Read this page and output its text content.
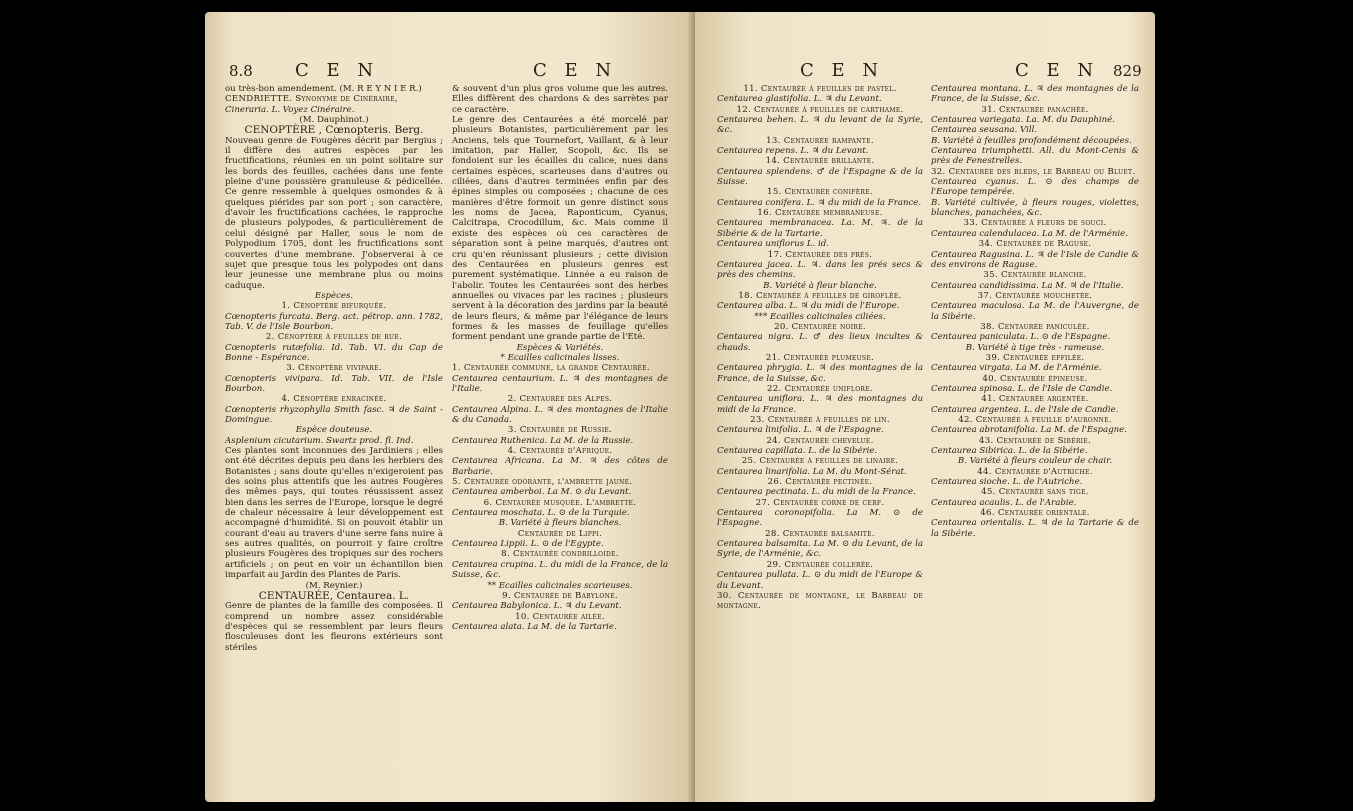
8.8 C E N	C E N

ou très-bon amendement. (M. R E Y N I E R.)

CENDRIETTE. Synonyme de Cinéraire,

Cineraria. L. Voyez Cinéraire.

(M. Dauphinot.)

CENOPTÈRE , Cœnopteris. Berg.

Nouveau genre de Fougères décrit par Bergius ; il diffère des autres espèces par les fructifications, réunies en un point solitaire sur les bords des feuilles, cachées dans une fente pleine d'une poussière granuleuse & pédicellée. Ce genre ressemble à quelques osmondes & à quelques piérides par son port ; son caractère, d'avoir les fructifications cachées, le rapproche de plusieurs polypodes, & particulièrement de celui désigné par Haller, sous le nom de Polypodium 1705, dont les fructifications sont couvertes d'une membrane. J'observerai à ce sujet que presque tous les polypodes ont dans leur jeunesse une membrane plus ou moins caduque.

Espèces.

1. Cénoptère bifurquée.

Cœnopteris furcata. Berg. act. pétrop. ann. 1782, Tab. V. de l'Isle Bourbon.

2. Cénoptère à feuilles de rue.

Cœnopteris rutæfolia. Id. Tab. VI. du Cap de Bonne - Espérance.

3. Cénoptère vivipare.

Cœnopteris vivipara. Id. Tab. VII. de l'Isle Bourbon.

4. Cénoptère enracinée.

Cœnopteris rhyzophylla Smith fasc. ♃ de Saint - Domingue.

Espèce douteuse.

Asplenium cicutarium. Swartz prod. fl. Ind.

Ces plantes sont inconnues des Jardiniers ; elles ont été décrites depuis peu dans les herbiers des Botanistes ; sans doute qu'elles n'exigeroient pas des soins plus attentifs que les autres Fougères des mêmes pays, qui toutes réussissent assez bien dans les serres de l'Europe, lorsque le degré de chaleur nécessaire à leur développement est accompagné d'humidité. Si on pouvoit établir un courant d'eau au travers d'une serre fans nuire à ses autres qualités, on pourroit y faire croître plusieurs Fougères des tropiques sur des rochers artificiels ; on peut en voir un échantillon bien imparfait au Jardin des Plantes de Paris.

(M. Reynier.)

CENTAURÉE, Centaurea. L.

Genre de plantes de la famille des composées. Il comprend un nombre assez considérable d'espèces qui se ressemblent par leurs fleurs flosculeuses dont les fleurons extérieurs sont stériles

& souvent d'un plus gros volume que les autres. Elles diffèrent des chardons & des sarrètes par ce caractère.

Le genre des Centaurées a été morcelé par plusieurs Botanistes, particulièrement par les Anciens, tels que Tournefort, Vaillant, & à leur imitation, par Haller, Scopoli, &c. Ils se fondoient sur les écailles du calice, nues dans certaines espèces, scarieuses dans d'autres ou ciliées, dans d'autres terminées enfin par des épines simples ou composées ; chacune de ces manières d'être formoit un genre distinct sous les noms de Jacea, Raponticum, Cyanus, Calcitrapa, Crocodillum, &c. Mais comme il existe des espèces où ces caractères de séparation sont à peine marqués, d'autres ont cru qu'en réunissant plusieurs ; cette division des Centaurées en plusieurs genres est purement systématique. Linnée a eu raison de l'abolir. Toutes les Centaurées sont des herbes annuelles ou vivaces par les racines ; plusieurs servent à la décoration des jardins par la beauté de leurs fleurs, & même par l'élégance de leurs formes & les masses de feuillage qu'elles forment pendant une grande partie de l'Eté.

Espèces & Variétés.

* Ecailles calicinales lisses.

1. Centaurée commune, la grande Centaurée.

Centaurea centaurium. L. ♃ des montagnes de l'Italie.

2. Centaurée des Alpes.

Centaurea Alpina. L. ♃ des montagnes de l'Italie & du Canada.

3. Centaurée de Russie.

Centaurea Ruthenica. La M. de la Russie.

4. Centaurée d'Afrique.

Centaurea Africana. La M. ♃ des côtes de Barbarie.

5. Centaurée odorante, l'ambrette jaune.

Centaurea amberboi. La M. ⊙ du Levant.

6. Centaurée musquée. L'ambrette.

Centaurea moschata. L. ⊙ de la Turquie.

B. Variété à fleurs blanches.

Centaurée de Lippi.

Centaurea Lippii. L. ⊙ de l'Egypte.

8. Centaurée condrilloide.

Centaurea crupina. L. du midi de la France, de la Suisse, &c.

** Ecailles calicinales scarieuses.

9. Centaurée de Babylone.

Centaurea Babylonica. L. ♃ du Levant.

10. Centaurée ailée.

Centaurea alata. La M. de la Tartarie.

C E N	C E N 829

11. Centaurée à feuilles de pastel.

Centaurea glastifolia. L. ♃ du Levant.

12. Centaurée à feuilles de carthame.

Centaurea behen. L. ♃ du levant de la Syrie, &c.

13. Centaurée rampante.

Centaurea repens. L. ♃ du Levant.

14. Centaurée brillante.

Centaurea splendens. ♂ de l'Espagne & de la Suisse.

15. Centaurée conifère.

Centaurea conifera. L. ♃ du midi de la France.

16. Centaurée membraneuse.

Centaurea membranacea. La. M. ♃. de la Sibérie & de la Tartarie.

Centaurea uniflorus L. id.

17. Centaurée des prés.

Centaurea jacea. L. ♃. dans les prés secs & près des chemins.

B. Variété à fleur blanche.

18. Centaurée à feuilles de giroflée.

Centaurea alba. L. ♃ du midi de l'Europe.

*** Ecailles calicinales ciliées.

20. Centaurée noire.

Centaurea nigra. L. ♂ des lieux incultes & chauds.

21. Centaurée plumeuse.

Centaurea phrygia. L. ♃ des montagnes de la France, de la Suisse, &c.

22. Centaurée uniflore.

Centaurea uniflora. L. ♃ des montagnes du midi de la France.

23. Centaurée à feuilles de lin.

Centaurea linifolia. L. ♃ de l'Espagne.

24. Centaurée chevelue.

Centaurea capillata. L. de la Sibérie.

25. Centaurée à feuilles de linaire.

Centaurea linarifolia. La M. du Mont-Sérat.

26. Centaurée pectinée.

Centaurea pectinata. L. du midi de la France.

27. Centaurée corne de cerf.

Centaurea coronopifolia. La M. ⊙ de l'Espagne.

28. Centaurée balsamite.

Centaurea balsamita. La M. ⊙ du Levant, de la Syrie, de l'Arménie, &c.

29. Centaurée collerée.

Centaurea pullata. L. ⊙ du midi de l'Europe & du Levant.

30. Centaurée de montagne, le Barbeau de montagne.

Centaurea montana. L. ♃ des montagnes de la France, de la Suisse, &c.

31. Centaurée panachée.

Centaurea variegata. La. M. du Dauphiné.

Centaurea seusana. Vill.

B. Variété à feuilles profondément découpées.

Centaurea triumphetti. All. du Mont-Cenis & près de Fenestrelles.

32. Centaurée des bleds, le Barbeau ou Bluet.

Centaurea cyanus. L. ⊙ des champs de l'Europe tempérée.

B. Variété cultivée, à fleurs rouges, violettes, blanches, panachées, &c.

33. Centaurée à fleurs de souci.

Centaurea calendulacea. La M. de l'Arménie.

34. Centaurée de Raguse.

Centaurea Ragusina. L. ♃ de l'Isle de Candie & des environs de Raguse.

35. Centaurée blanche.

Centaurea candidissima. La M. ♃ de l'Italie.

37. Centaurée mouchetée.

Centaurea maculosa. La M. de l'Auvergne, de la Sibérie.

38. Centaurée paniculée.

Centaurea paniculata. L. ⊙ de l'Espagne.

B. Variété à tige très - rameuse.

39. Centaurée effilée.

Centaurea virgata. La M. de l'Arménie.

40. Centaurée épineuse.

Centaurea spinosa. L. de l'Isle de Candie.

41. Centaurée argentée.

Centaurea argentea. L. de l'Isle de Candie.

42. Centaurée à feuille d'auronne.

Centaurea abrotanifolia. La M. de l'Espagne.

43. Centaurée de Sibérie.

Centaurea Sibirica. L. de la Sibérie.

B. Variété à fleurs couleur de chair.

44. Centaurée d'Autriche.

Centaurea sioche. L. de l'Autriche.

45. Centaurée sans tige.

Centaurea acaulis. L. de l'Arabie.

46. Centaurée orientale.

Centaurea orientalis. L. ♃ de la Tartarie & de la Sibérie.
